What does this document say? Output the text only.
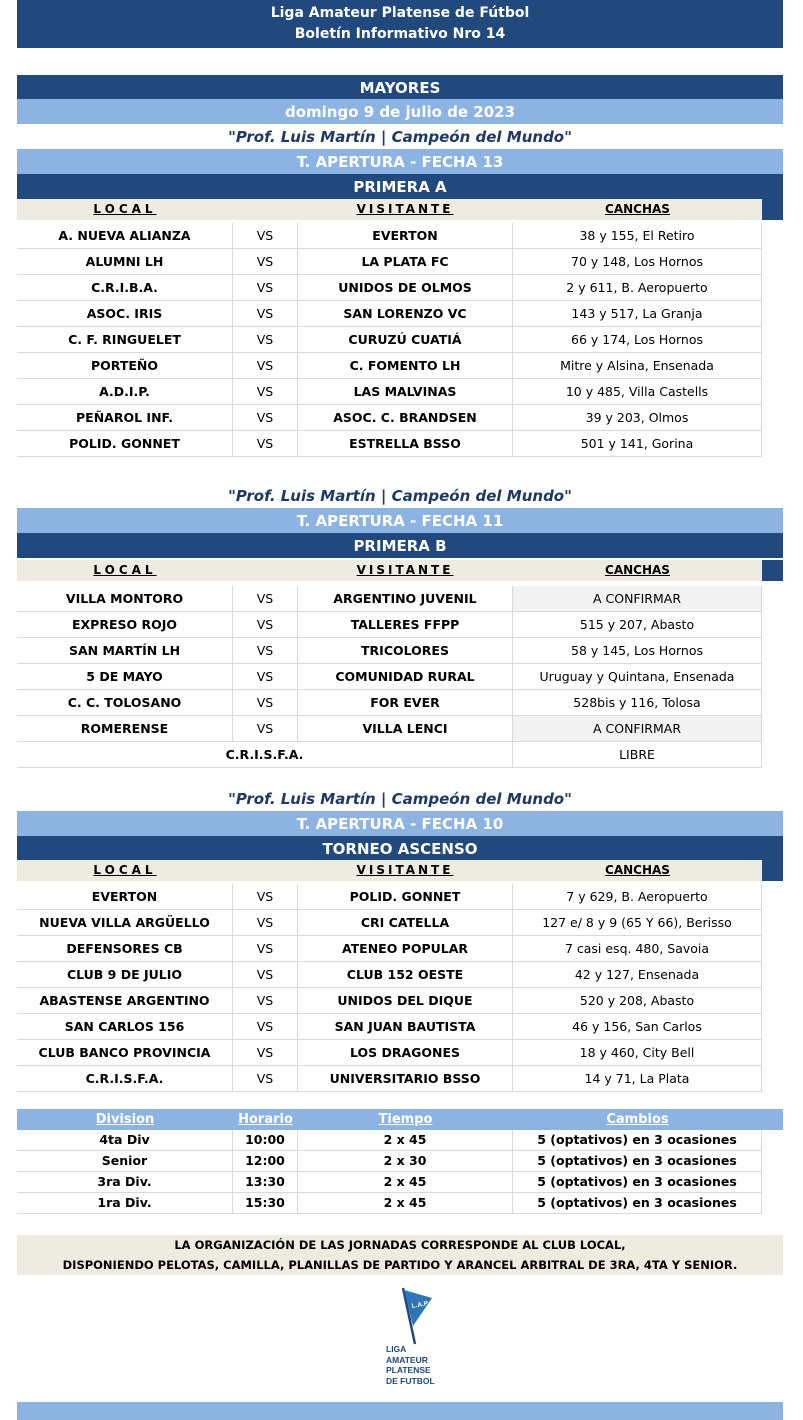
Liga Amateur Platense de Fútbol
Boletín Informativo Nro 14
MAYORES
domingo 9 de julio de 2023
"Prof. Luis Martín | Campeón del Mundo"
T. APERTURA - FECHA 13
PRIMERA A
LOCAL	VISITANTE	CANCHAS
A. NUEVA ALIANZA	VS	EVERTON	38 y 155, El Retiro
ALUMNI LH	VS	LA PLATA FC	70 y 148, Los Hornos
C.R.I.B.A.	VS	UNIDOS DE OLMOS	2 y 611, B. Aeropuerto
ASOC. IRIS	VS	SAN LORENZO VC	143 y 517, La Granja
C. F. RINGUELET	VS	CURUZÚ CUATIÁ	66 y 174, Los Hornos
PORTEÑO	VS	C. FOMENTO LH	Mitre y Alsina, Ensenada
A.D.I.P.	VS	LAS MALVINAS	10 y 485, Villa Castells
PEÑAROL INF.	VS	ASOC. C. BRANDSEN	39 y 203, Olmos
POLID. GONNET	VS	ESTRELLA BSSO	501 y 141, Gorina
"Prof. Luis Martín | Campeón del Mundo"
T. APERTURA - FECHA 11
PRIMERA B
LOCAL	VISITANTE	CANCHAS
VILLA MONTORO	VS	ARGENTINO JUVENIL	A CONFIRMAR
EXPRESO ROJO	VS	TALLERES FFPP	515 y 207, Abasto
SAN MARTÍN LH	VS	TRICOLORES	58 y 145, Los Hornos
5 DE MAYO	VS	COMUNIDAD RURAL	Uruguay y Quintana, Ensenada
C. C. TOLOSANO	VS	FOR EVER	528bis y 116, Tolosa
ROMERENSE	VS	VILLA LENCI	A CONFIRMAR
C.R.I.S.F.A.	LIBRE
"Prof. Luis Martín | Campeón del Mundo"
T. APERTURA - FECHA 10
TORNEO ASCENSO
LOCAL	VISITANTE	CANCHAS
EVERTON	VS	POLID. GONNET	7 y 629, B. Aeropuerto
NUEVA VILLA ARGÜELLO	VS	CRI CATELLA	127 e/ 8 y 9 (65 Y 66), Berisso
DEFENSORES CB	VS	ATENEO POPULAR	7 casi esq. 480, Savoia
CLUB 9 DE JULIO	VS	CLUB 152 OESTE	42 y 127, Ensenada
ABASTENSE ARGENTINO	VS	UNIDOS DEL DIQUE	520 y 208, Abasto
SAN CARLOS 156	VS	SAN JUAN BAUTISTA	46 y 156, San Carlos
CLUB BANCO PROVINCIA	VS	LOS DRAGONES	18 y 460, City Bell
C.R.I.S.F.A.	VS	UNIVERSITARIO BSSO	14 y 71, La Plata
Division	Horario	Tiempo	Cambios
4ta Div	10:00	2 x 45	5 (optativos) en 3 ocasiones
Senior	12:00	2 x 30	5 (optativos) en 3 ocasiones
3ra Div.	13:30	2 x 45	5 (optativos) en 3 ocasiones
1ra Div.	15:30	2 x 45	5 (optativos) en 3 ocasiones
LA ORGANIZACIÓN DE LAS JORNADAS CORRESPONDE AL CLUB LOCAL,
DISPONIENDO PELOTAS, CAMILLA, PLANILLAS DE PARTIDO Y ARANCEL ARBITRAL DE 3RA, 4TA Y SENIOR.
L.A.P.
LIGA
AMATEUR
PLATENSE
DE FUTBOL
